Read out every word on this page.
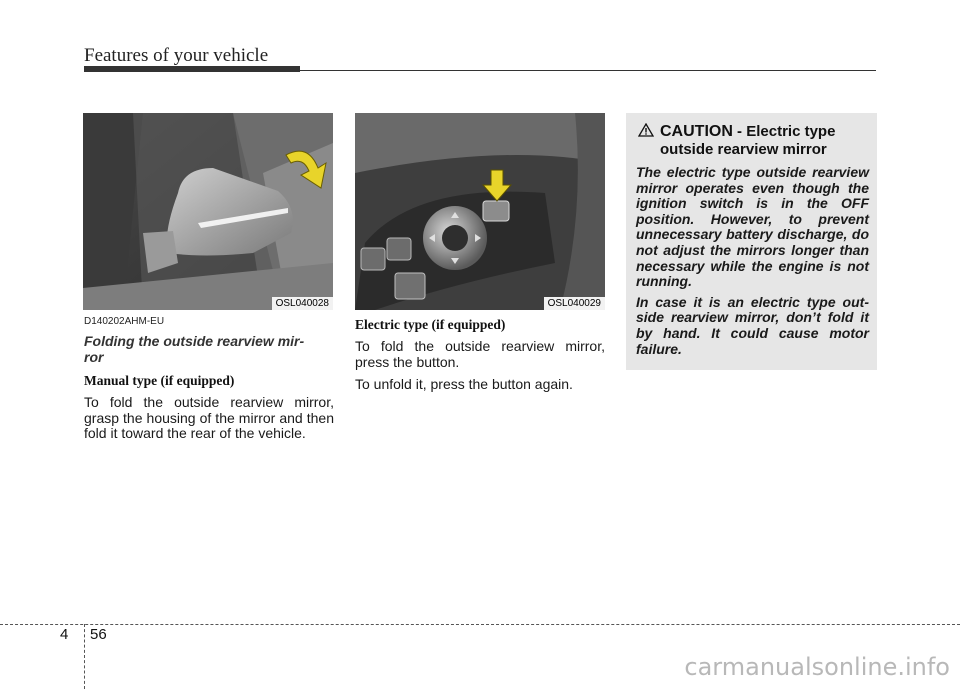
Features of your vehicle
OSL040028	OSL040029
D140202AHM-EU
Folding the outside rearview mir-
ror
Manual type (if equipped)

To fold the outside rearview mirror, grasp the housing of the mirror and then fold it toward the rear of the vehicle.

Electric type (if equipped)

To fold the outside rearview mirror, press the button.

To unfold it, press the button again.

CAUTION - Electric type
outside rearview mirror

The electric type outside rearview mirror operates even though the ignition switch is in the OFF position. However, to prevent unnecessary battery discharge, do not adjust the mirrors longer than necessary while the engine is not running.

In case it is an electric type out-side rearview mirror, don’t fold it by hand. It could cause motor failure.

4 56
carmanualsonline.info
